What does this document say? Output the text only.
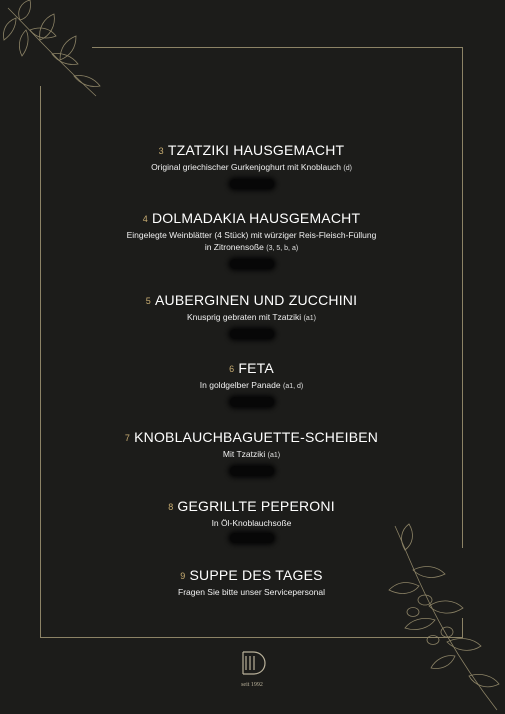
3 TZATZIKI HAUSGEMACHT
Original griechischer Gurkenjoghurt mit Knoblauch (d)
4 DOLMADAKIA HAUSGEMACHT
Eingelegte Weinblätter (4 Stück) mit würziger Reis-Fleisch-Füllung
in Zitronensoße (3, 5, b, a)
5 AUBERGINEN UND ZUCCHINI
Knusprig gebraten mit Tzatziki (a1)
6 FETA
In goldgelber Panade (a1, d)
7 KNOBLAUCHBAGUETTE-SCHEIBEN
Mit Tzatziki (a1)
8 GEGRILLTE PEPERONI
In Öl-Knoblauchsoße
9 SUPPE DES TAGES
Fragen Sie bitte unser Servicepersonal
seit 1992
